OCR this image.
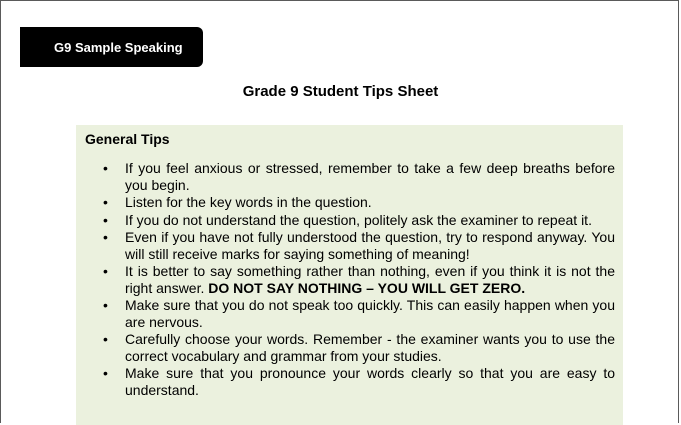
G9 Sample Speaking
Grade 9 Student Tips Sheet
General Tips
• If you feel anxious or stressed, remember to take a few deep breaths before you begin.
• Listen for the key words in the question.
• If you do not understand the question, politely ask the examiner to repeat it.
• Even if you have not fully understood the question, try to respond anyway. You will still receive marks for saying something of meaning!
• It is better to say something rather than nothing, even if you think it is not the right answer. DO NOT SAY NOTHING – YOU WILL GET ZERO.
• Make sure that you do not speak too quickly. This can easily happen when you are nervous.
• Carefully choose your words. Remember - the examiner wants you to use the correct vocabulary and grammar from your studies.
• Make sure that you pronounce your words clearly so that you are easy to understand.
